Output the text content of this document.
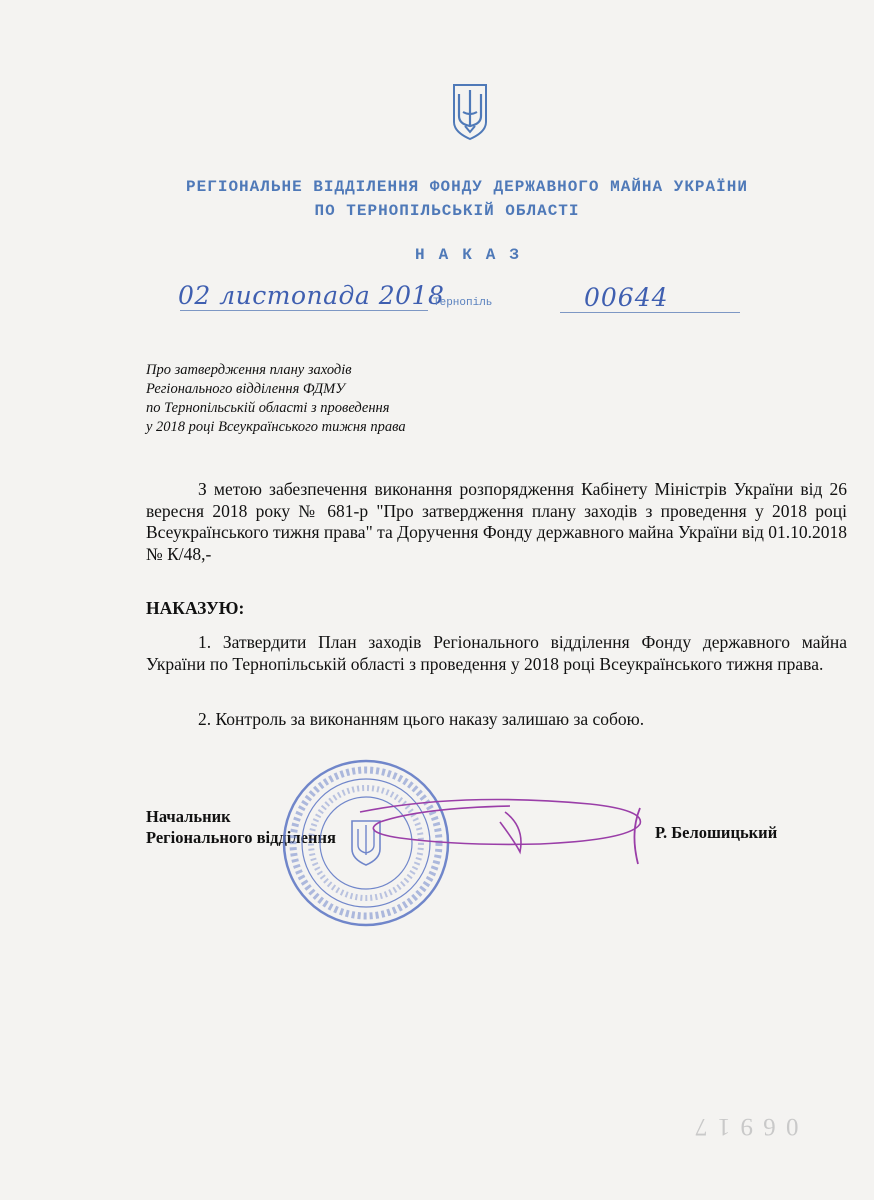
РЕГІОНАЛЬНЕ ВІДДІЛЕННЯ ФОНДУ ДЕРЖАВНОГО МАЙНА УКРАЇНИ
ПО ТЕРНОПІЛЬСЬКІЙ ОБЛАСТІ
НАКАЗ
02 листопада 2018
Тернопіль	00644
Про затвердження плану заходів
Регіонального відділення ФДМУ
по Тернопільській області з проведення
у 2018 році Всеукраїнського тижня права
З метою забезпечення виконання розпорядження Кабінету Міністрів України від 26 вересня 2018 року № 681-р "Про затвердження плану заходів з проведення у 2018 році Всеукраїнського тижня права" та Доручення Фонду державного майна України від 01.10.2018 № К/48,-
НАКАЗУЮ:
1. Затвердити План заходів Регіонального відділення Фонду державного майна України по Тернопільській області з проведення у 2018 році Всеукраїнського тижня права.
2. Контроль за виконанням цього наказу залишаю за собою.
Начальник
Регіонального відділення	Р. Белошицький
0 6 9 1 7
